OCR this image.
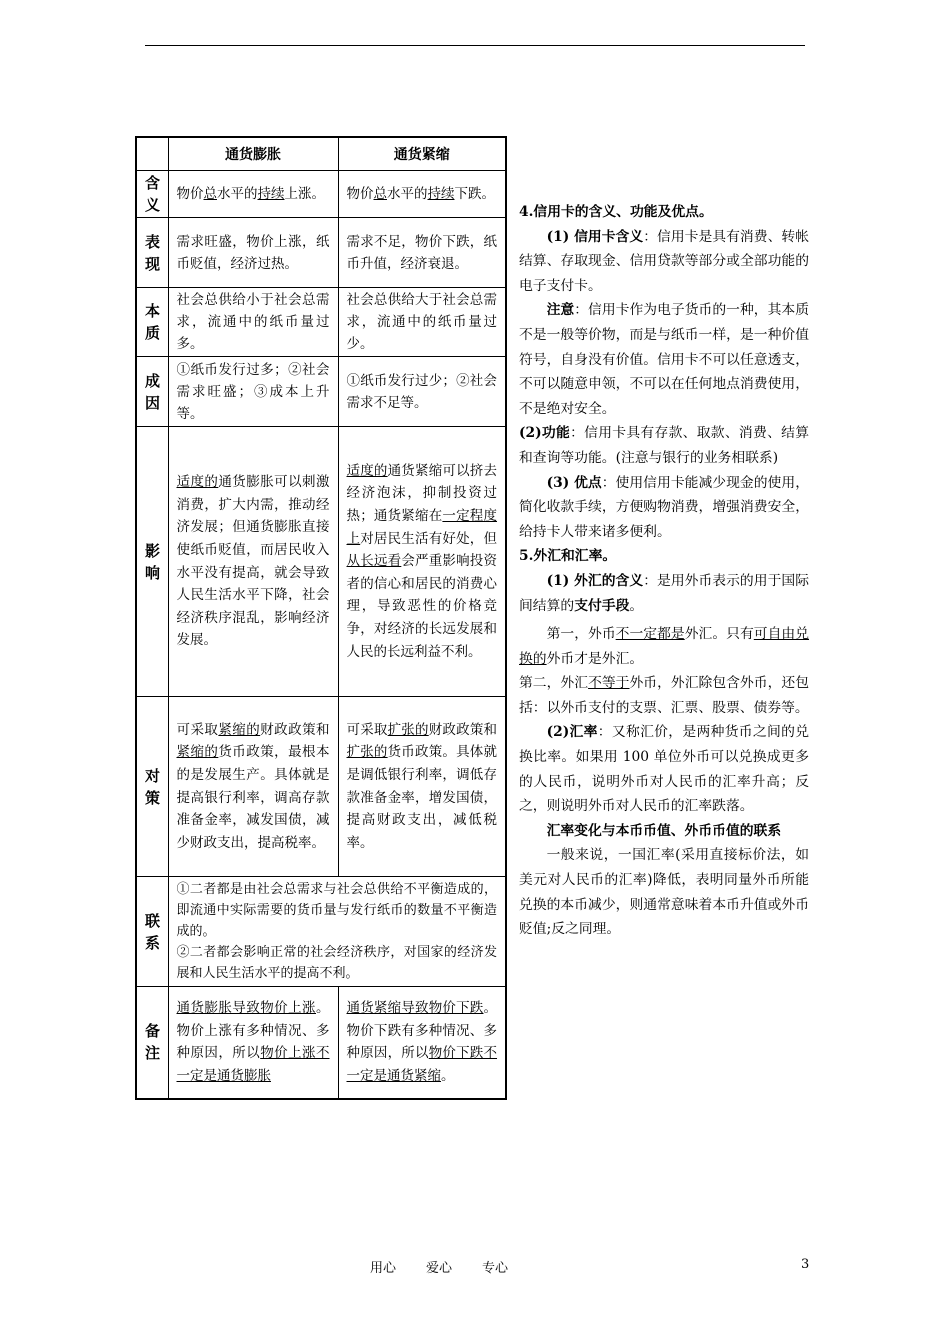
	通货膨胀	通货紧缩
含义	物价总水平的持续上涨。	物价总水平的持续下跌。
表现	需求旺盛，物价上涨，纸币贬值，经济过热。	需求不足，物价下跌，纸币升值，经济衰退。
本质	社会总供给小于社会总需求，流通中的纸币量过多。	社会总供给大于社会总需求，流通中的纸币量过少。
成因	①纸币发行过多；②社会需求旺盛；③成本上升等。	①纸币发行过少；②社会需求不足等。
影响	适度的通货膨胀可以刺激消费，扩大内需，推动经济发展；但通货膨胀直接使纸币贬值，而居民收入水平没有提高，就会导致人民生活水平下降，社会经济秩序混乱，影响经济发展。	适度的通货紧缩可以挤去经济泡沫，抑制投资过热；通货紧缩在一定程度上对居民生活有好处，但从长远看会严重影响投资者的信心和居民的消费心理，导致恶性的价格竞争，对经济的长远发展和人民的长远利益不利。
对策	可采取紧缩的财政政策和紧缩的货币政策，最根本的是发展生产。具体就是提高银行利率，调高存款准备金率，减发国债，减少财政支出，提高税率。	可采取扩张的财政政策和扩张的货币政策。具体就是调低银行利率，调低存款准备金率，增发国债，提高财政支出，减低税率。
联系	①二者都是由社会总需求与社会总供给不平衡造成的，即流通中实际需要的货币量与发行纸币的数量不平衡造成的。
②二者都会影响正常的社会经济秩序，对国家的经济发展和人民生活水平的提高不利。	

备注	通货膨胀导致物价上涨。物价上涨有多种情况、多种原因，所以物价上涨不一定是通货膨胀	通货紧缩导致物价下跌。物价下跌有多种情况、多种原因，所以物价下跌不一定是通货紧缩。

4.信用卡的含义、功能及优点。

(1) 信用卡含义：信用卡是具有消费、转帐结算、存取现金、信用贷款等部分或全部功能的电子支付卡。

注意：信用卡作为电子货币的一种，其本质不是一般等价物，而是与纸币一样，是一种价值符号，自身没有价值。信用卡不可以任意透支，不可以随意申领，不可以在任何地点消费使用，不是绝对安全。

(2)功能：信用卡具有存款、取款、消费、结算和查询等功能。(注意与银行的业务相联系)

(3) 优点：使用信用卡能减少现金的使用，简化收款手续，方便购物消费，增强消费安全，给持卡人带来诸多便利。

5.外汇和汇率。

(1) 外汇的含义：是用外币表示的用于国际间结算的支付手段。

第一，外币不一定都是外汇。只有可自由兑换的外币才是外汇。

第二，外汇不等于外币，外汇除包含外币，还包括：以外币支付的支票、汇票、股票、债券等。

(2)汇率：又称汇价，是两种货币之间的兑换比率。如果用 100 单位外币可以兑换成更多的人民币，说明外币对人民币的汇率升高；反之，则说明外币对人民币的汇率跌落。

汇率变化与本币币值、外币币值的联系

一般来说，一国汇率(采用直接标价法，如美元对人民币的汇率)降低，表明同量外币所能兑换的本币减少，则通常意味着本币升值或外币贬值;反之同理。

用心 爱心 专心	3
